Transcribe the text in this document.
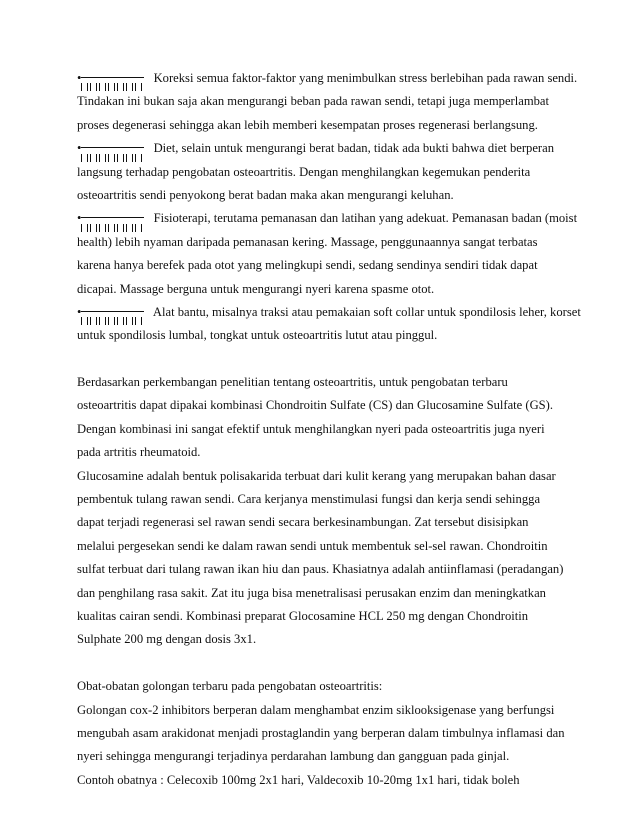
•	Koreksi semua faktor-faktor yang menimbulkan stress berlebihan pada rawan sendi.
Tindakan ini bukan saja akan mengurangi beban pada rawan sendi, tetapi juga memperlambat
proses degenerasi sehingga akan lebih memberi kesempatan proses regenerasi berlangsung.
•	Diet, selain untuk mengurangi berat badan, tidak ada bukti bahwa diet berperan
langsung terhadap pengobatan osteoartritis. Dengan menghilangkan kegemukan penderita
osteoartritis sendi penyokong berat badan maka akan mengurangi keluhan.
•	Fisioterapi, terutama pemanasan dan latihan yang adekuat. Pemanasan badan (moist
health) lebih nyaman daripada pemanasan kering. Massage, penggunaannya sangat terbatas
karena hanya berefek pada otot yang melingkupi sendi, sedang sendinya sendiri tidak dapat
dicapai. Massage berguna untuk mengurangi nyeri karena spasme otot.
•	Alat bantu, misalnya traksi atau pemakaian soft collar untuk spondilosis leher, korset
untuk spondilosis lumbal, tongkat untuk osteoartritis lutut atau pinggul.
Berdasarkan perkembangan penelitian tentang osteoartritis, untuk pengobatan terbaru
osteoartritis dapat dipakai kombinasi Chondroitin Sulfate (CS) dan Glucosamine Sulfate (GS).
Dengan kombinasi ini sangat efektif untuk menghilangkan nyeri pada osteoartritis juga nyeri
pada artritis rheumatoid.
Glucosamine adalah bentuk polisakarida terbuat dari kulit kerang yang merupakan bahan dasar
pembentuk tulang rawan sendi. Cara kerjanya menstimulasi fungsi dan kerja sendi sehingga
dapat terjadi regenerasi sel rawan sendi secara berkesinambungan. Zat tersebut disisipkan
melalui pergesekan sendi ke dalam rawan sendi untuk membentuk sel-sel rawan. Chondroitin
sulfat terbuat dari tulang rawan ikan hiu dan paus. Khasiatnya adalah antiinflamasi (peradangan)
dan penghilang rasa sakit. Zat itu juga bisa menetralisasi perusakan enzim dan meningkatkan
kualitas cairan sendi. Kombinasi preparat Glocosamine HCL 250 mg dengan Chondroitin
Sulphate 200 mg dengan dosis 3x1.
Obat-obatan golongan terbaru pada pengobatan osteoartritis:
Golongan cox-2 inhibitors berperan dalam menghambat enzim siklooksigenase yang berfungsi
mengubah asam arakidonat menjadi prostaglandin yang berperan dalam timbulnya inflamasi dan
nyeri sehingga mengurangi terjadinya perdarahan lambung dan gangguan pada ginjal.
Contoh obatnya : Celecoxib 100mg 2x1 hari, Valdecoxib 10-20mg 1x1 hari, tidak boleh
